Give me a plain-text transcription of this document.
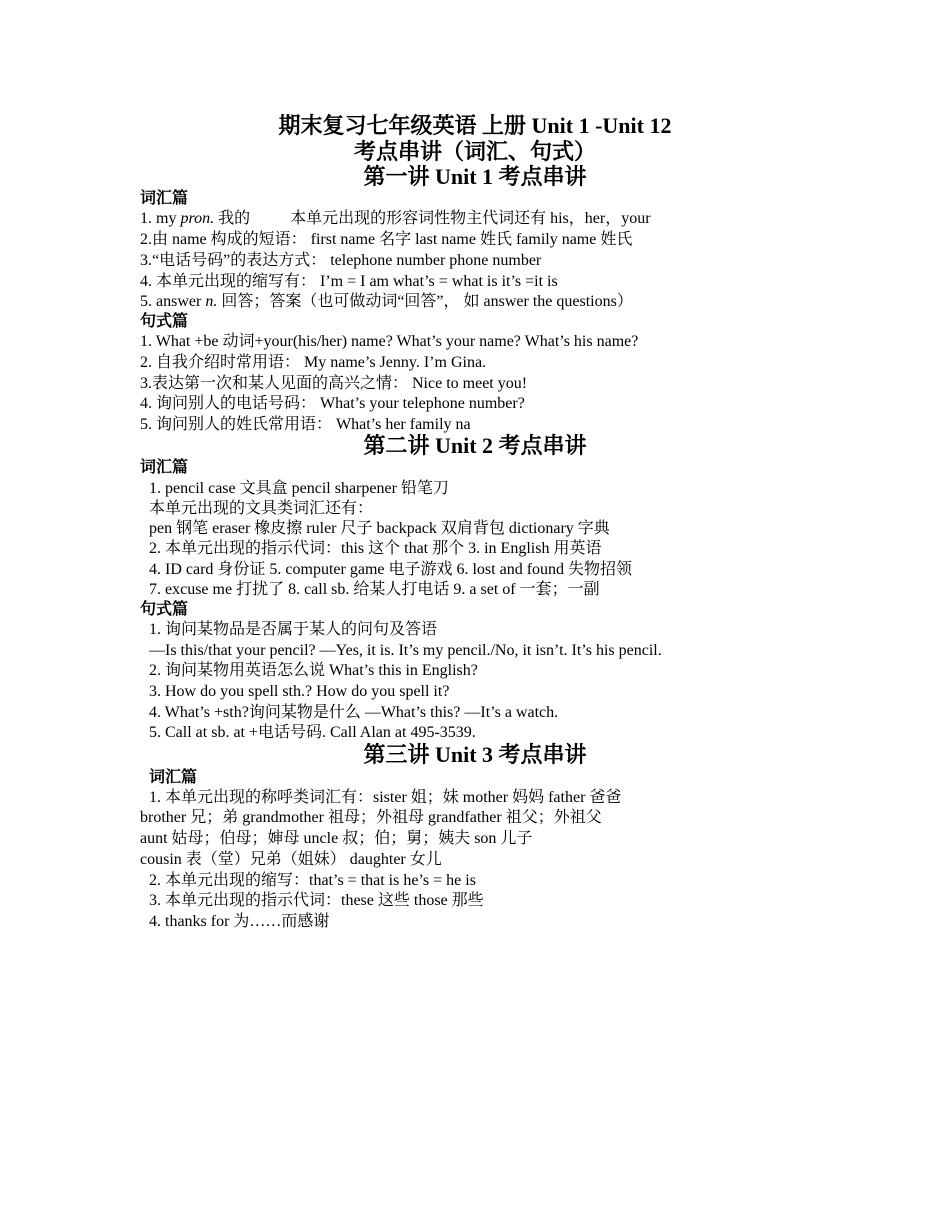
期末复习七年级英语 上册 Unit 1 -Unit 12
考点串讲（词汇、句式）
第一讲 Unit 1 考点串讲
词汇篇
1. my pron. 我的          本单元出现的形容词性物主代词还有 his，her，your
2.由 name 构成的短语： first name 名字 last name 姓氏 family name 姓氏
3.“电话号码”的表达方式： telephone number phone number
4. 本单元出现的缩写有： I’m = I am what’s = what is it’s =it is
5. answer n. 回答；答案（也可做动词“回答”， 如 answer the questions）
句式篇
1. What +be 动词+your(his/her) name? What’s your name? What’s his name?
2. 自我介绍时常用语： My name’s Jenny. I’m Gina.
3.表达第一次和某人见面的高兴之情： Nice to meet you!
4. 询问别人的电话号码： What’s your telephone number?
5. 询问别人的姓氏常用语： What’s her family na
第二讲 Unit 2 考点串讲
词汇篇
1. pencil case 文具盒 pencil sharpener 铅笔刀
本单元出现的文具类词汇还有：
pen 钢笔 eraser 橡皮擦 ruler 尺子 backpack 双肩背包 dictionary 字典
2. 本单元出现的指示代词：this 这个 that 那个 3. in English 用英语
4. ID card 身份证 5. computer game 电子游戏 6. lost and found 失物招领
7. excuse me 打扰了 8. call sb. 给某人打电话 9. a set of 一套；一副
句式篇
1. 询问某物品是否属于某人的问句及答语
—Is this/that your pencil? —Yes, it is. It’s my pencil./No, it isn’t. It’s his pencil.
2. 询问某物用英语怎么说 What’s this in English?
3. How do you spell sth.? How do you spell it?
4. What’s +sth?询问某物是什么 —What’s this? —It’s a watch.
5. Call at sb. at +电话号码. Call Alan at 495-3539.
第三讲 Unit 3 考点串讲
词汇篇
1. 本单元出现的称呼类词汇有：sister 姐；妹 mother 妈妈 father 爸爸
brother 兄；弟 grandmother 祖母；外祖母 grandfather 祖父；外祖父
aunt 姑母；伯母；婶母 uncle 叔；伯；舅；姨夫 son 儿子
cousin 表（堂）兄弟（姐妹） daughter 女儿
2. 本单元出现的缩写：that’s = that is he’s = he is
3. 本单元出现的指示代词：these 这些 those 那些
4. thanks for 为……而感谢
